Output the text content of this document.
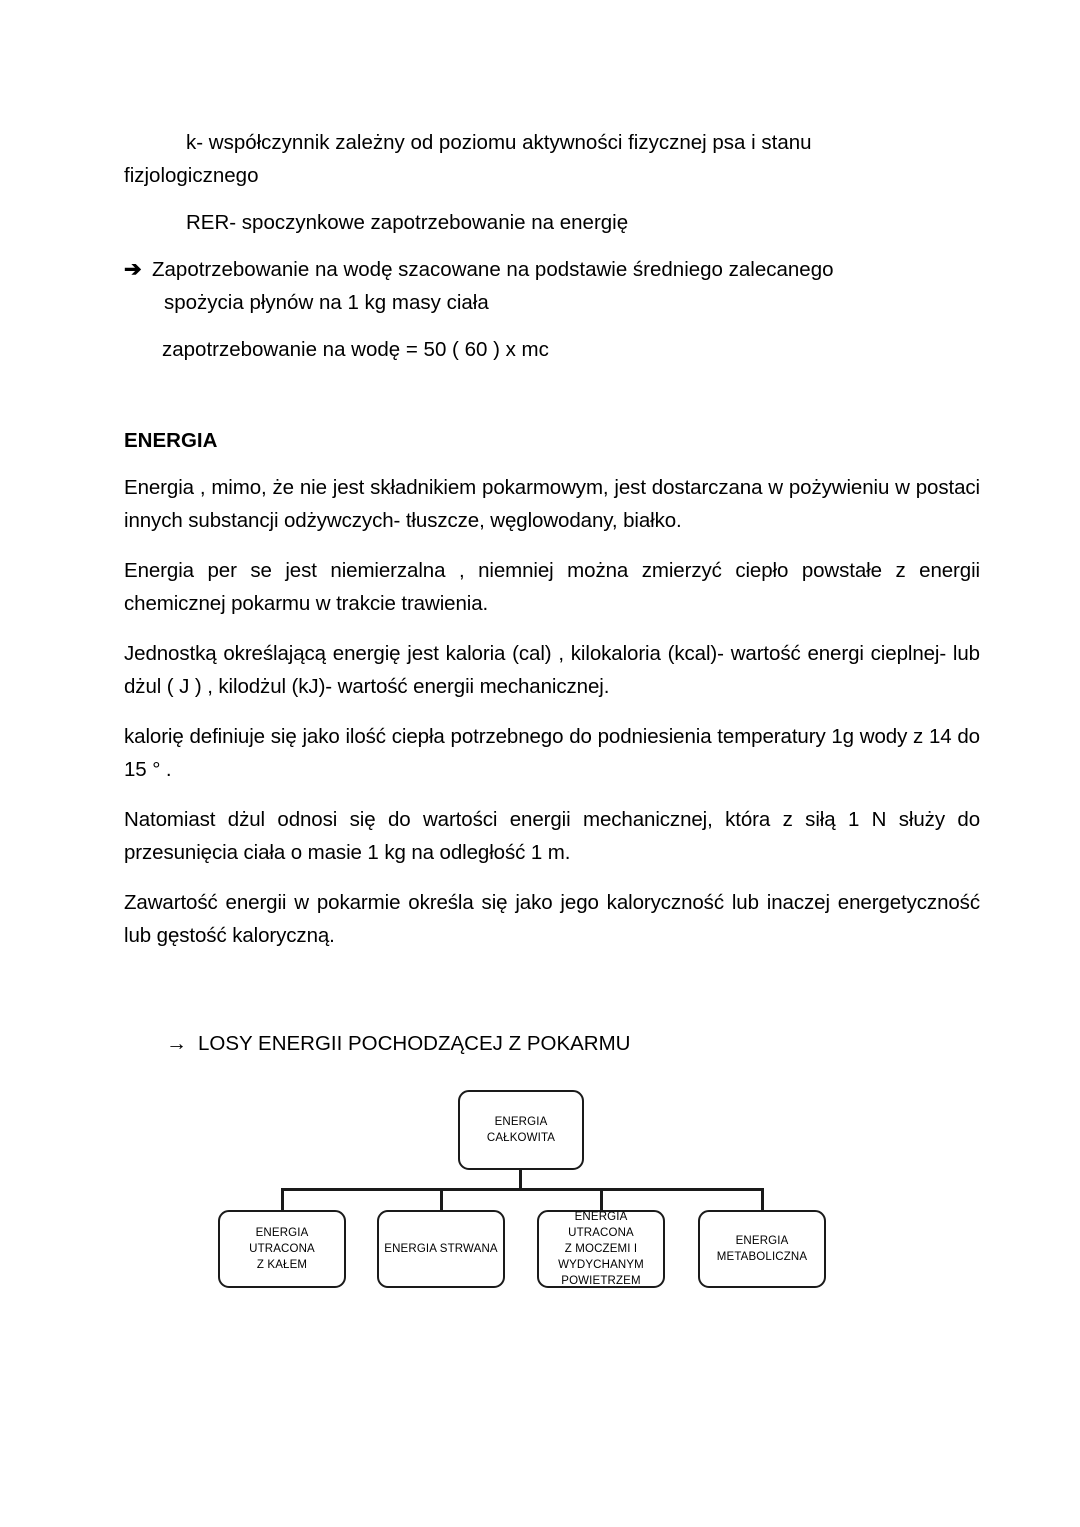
k- współczynnik zależny od poziomu aktywności fizycznej psa i stanu

fizjologicznego

RER- spoczynkowe zapotrzebowanie na energię

➔ Zapotrzebowanie na wodę szacowane na podstawie średniego zalecanego

spożycia płynów na 1 kg masy ciała

zapotrzebowanie na wodę = 50 ( 60 ) x mc

ENERGIA

Energia , mimo, że nie jest składnikiem pokarmowym, jest dostarczana w pożywieniu w postaci innych substancji odżywczych- tłuszcze, węglowodany, białko.

Energia per se jest niemierzalna , niemniej można zmierzyć ciepło powstałe z energii chemicznej pokarmu w trakcie trawienia.

Jednostką określającą energię jest kaloria (cal) , kilokaloria (kcal)- wartość energi cieplnej- lub dżul ( J ) , kilodżul (kJ)- wartość energii mechanicznej.

kalorię definiuje się jako ilość ciepła potrzebnego do podniesienia temperatury 1g wody z 14 do 15 ° .

Natomiast dżul odnosi się do wartości energii mechanicznej, która z siłą 1 N służy do przesunięcia ciała o masie 1 kg na odległość 1 m.

Zawartość energii w pokarmie określa się jako jego kaloryczność lub inaczej energetyczność lub gęstość kaloryczną.

→ LOSY ENERGII POCHODZĄCEJ Z POKARMU
ENERGIA
CAŁKOWITA
ENERGIA UTRACONA
Z KAŁEM
ENERGIA STRWANA
ENERGIA UTRACONA
Z MOCZEMI I
WYDYCHANYM
POWIETRZEM
ENERGIA
METABOLICZNA
